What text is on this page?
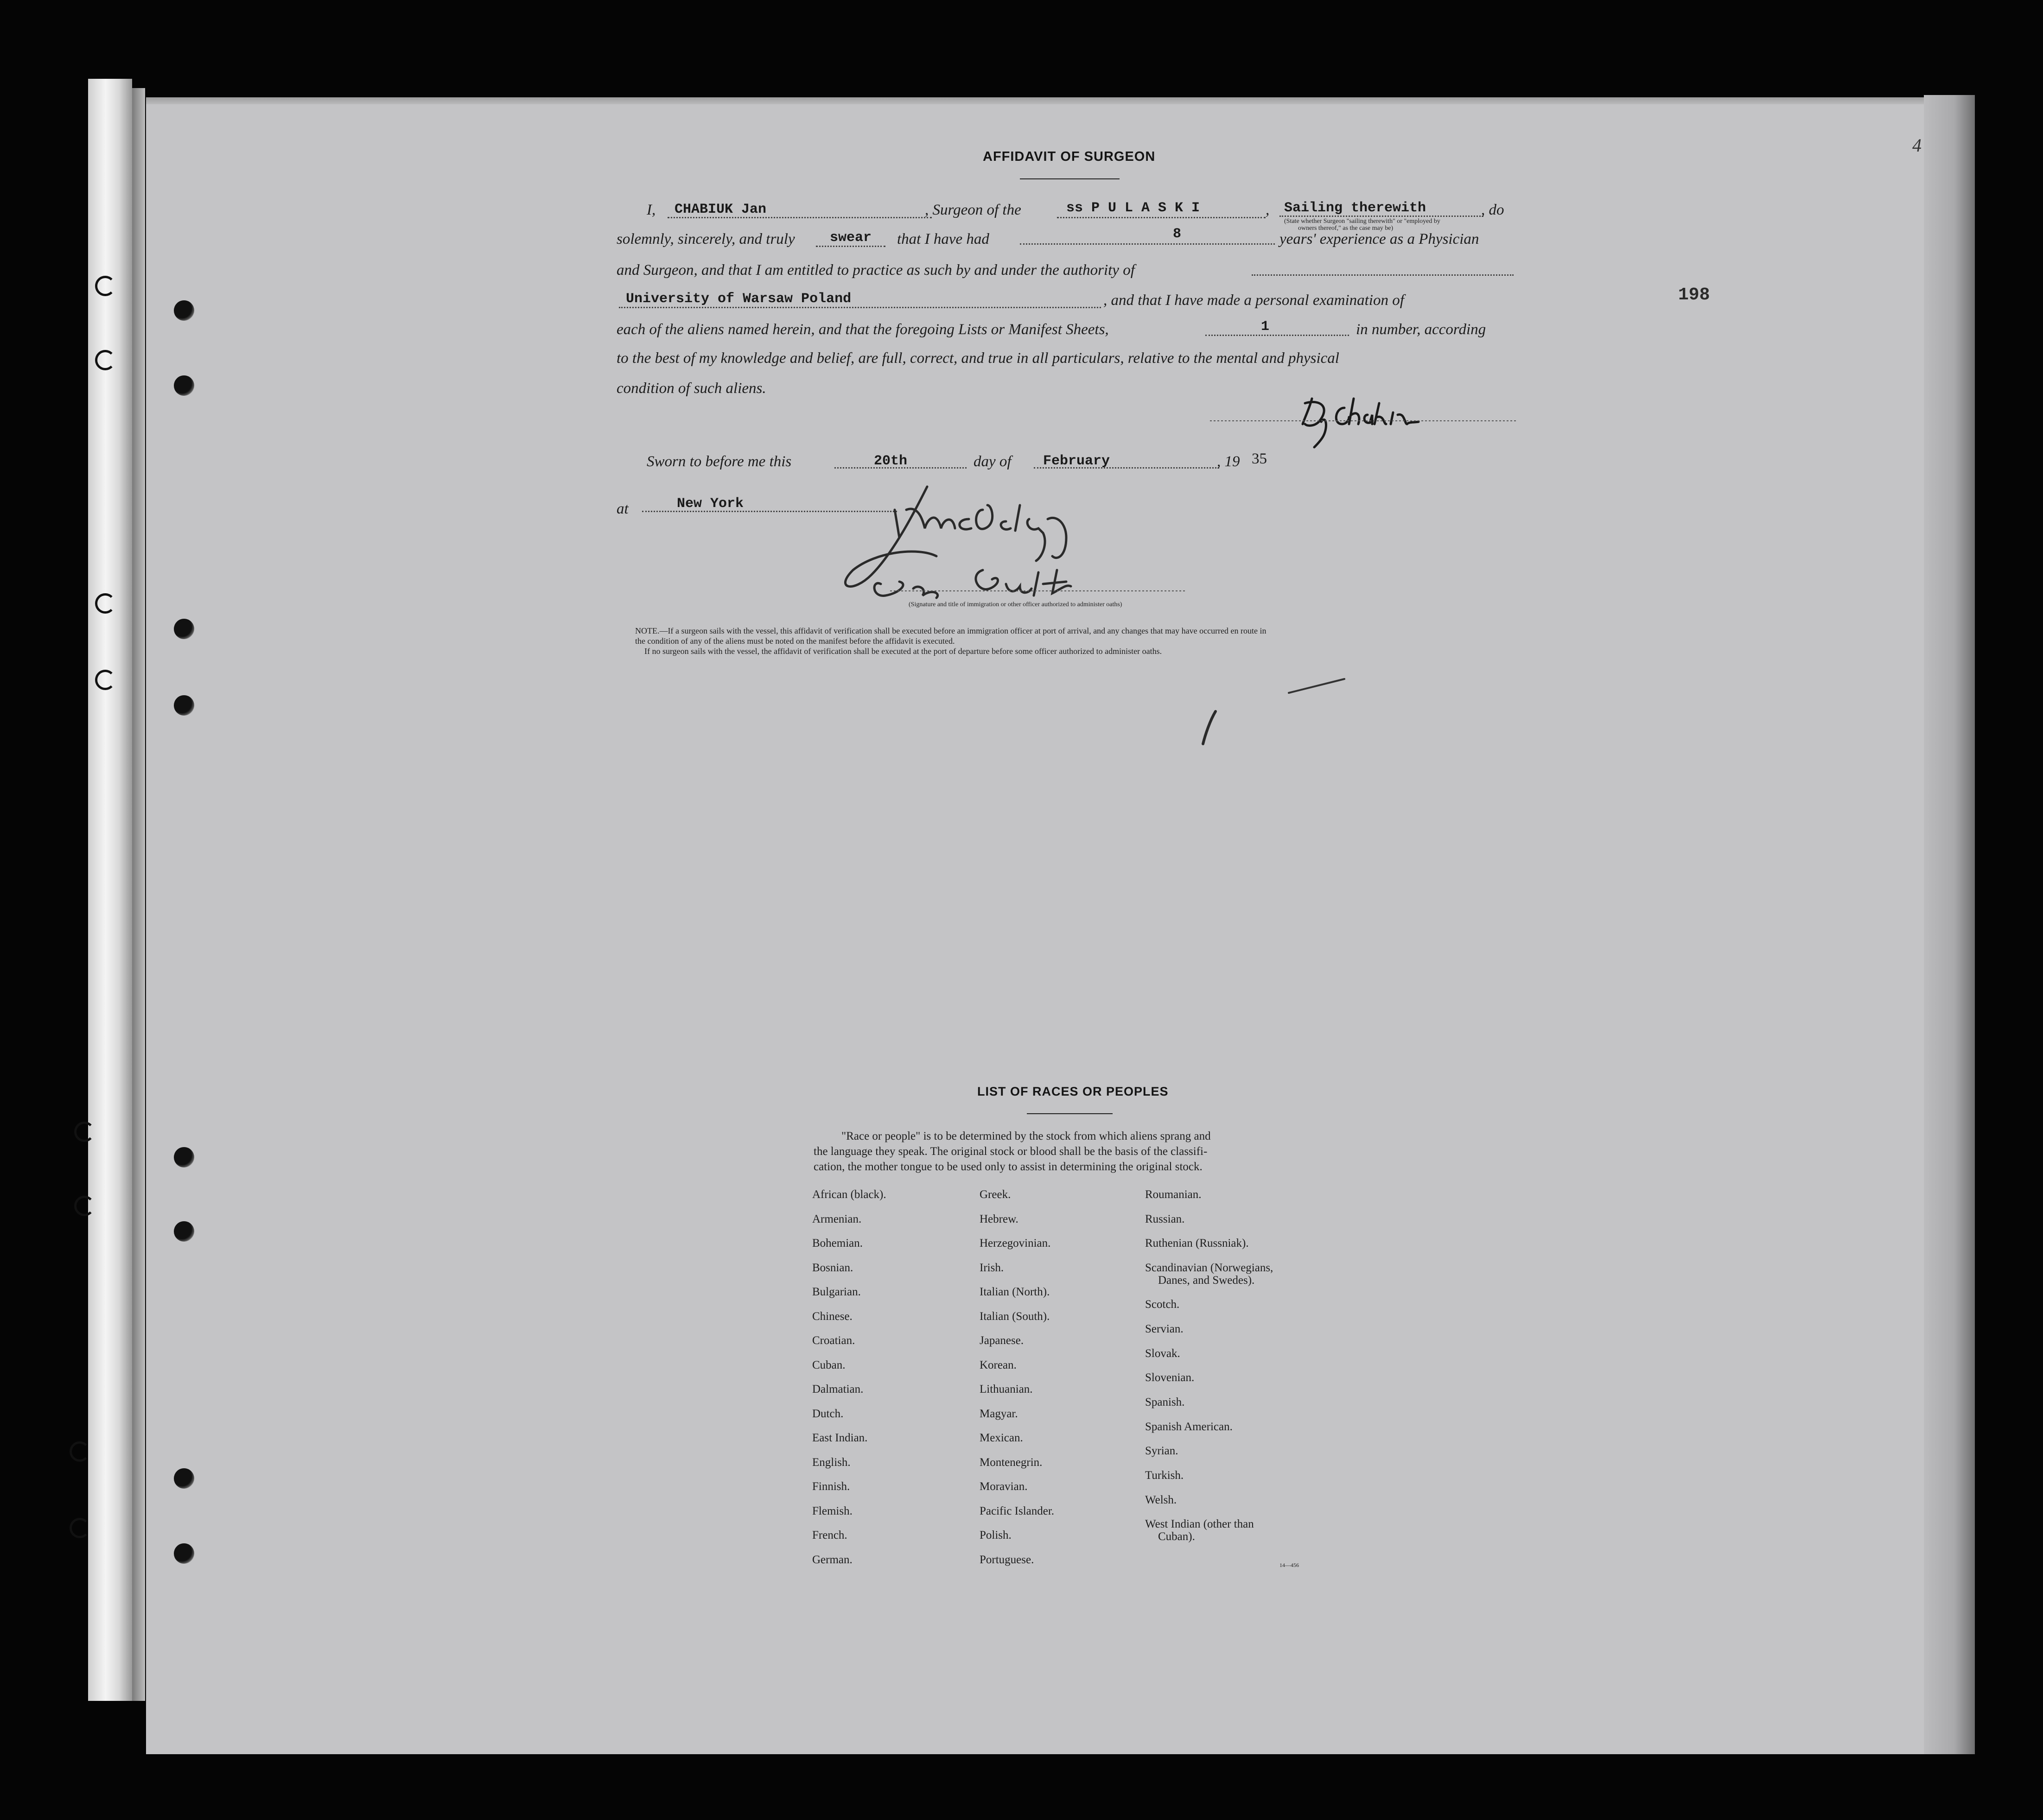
4
198
AFFIDAVIT OF SURGEON
I, CHABIUK Jan	, Surgeon of the	ss P U L A S K I	, Sailing therewith	, do
(State whether Surgeon "sailing therewith" or "employed by
owners thereof," as the case may be)
solemnly, sincerely, and truly	swear that I have had	8	years' experience as a Physician
and Surgeon, and that I am entitled to practice as such by and under the authority of
University of Warsaw Poland	, and that I have made a personal examination of
each of the aliens named herein, and that the foregoing Lists or Manifest Sheets,	1	in number, according
to the best of my knowledge and belief, are full, correct, and true in all particulars, relative to the mental and physical
condition of such aliens.
Sworn to before me this	20th	day of February	, 19 35
at	New York
(Signature and title of immigration or other officer authorized to administer oaths)
NOTE.—If a surgeon sails with the vessel, this affidavit of verification shall be executed before an immigration officer at port of arrival, and any changes that may have occurred en route in
the condition of any of the aliens must be noted on the manifest before the affidavit is executed.
If no surgeon sails with the vessel, the affidavit of verification shall be executed at the port of departure before some officer authorized to administer oaths.
LIST OF RACES OR PEOPLES
"Race or people" is to be determined by the stock from which aliens sprang and
the language they speak. The original stock or blood shall be the basis of the classifi-
cation, the mother tongue to be used only to assist in determining the original stock.
African (black).
Armenian.
Bohemian.
Bosnian.
Bulgarian.
Chinese.
Croatian.
Cuban.
Dalmatian.
Dutch.
East Indian.
English.
Finnish.
Flemish.
French.
German.
Greek.
Hebrew.
Herzegovinian.
Irish.
Italian (North).
Italian (South).
Japanese.
Korean.
Lithuanian.
Magyar.
Mexican.
Montenegrin.
Moravian.
Pacific Islander.
Polish.
Portuguese.
Roumanian.
Russian.
Ruthenian (Russniak).
Scandinavian (Norwegians,
Danes, and Swedes).
Scotch.
Servian.
Slovak.
Slovenian.
Spanish.
Spanish American.
Syrian.
Turkish.
Welsh.
West Indian (other than
Cuban).
14—456
